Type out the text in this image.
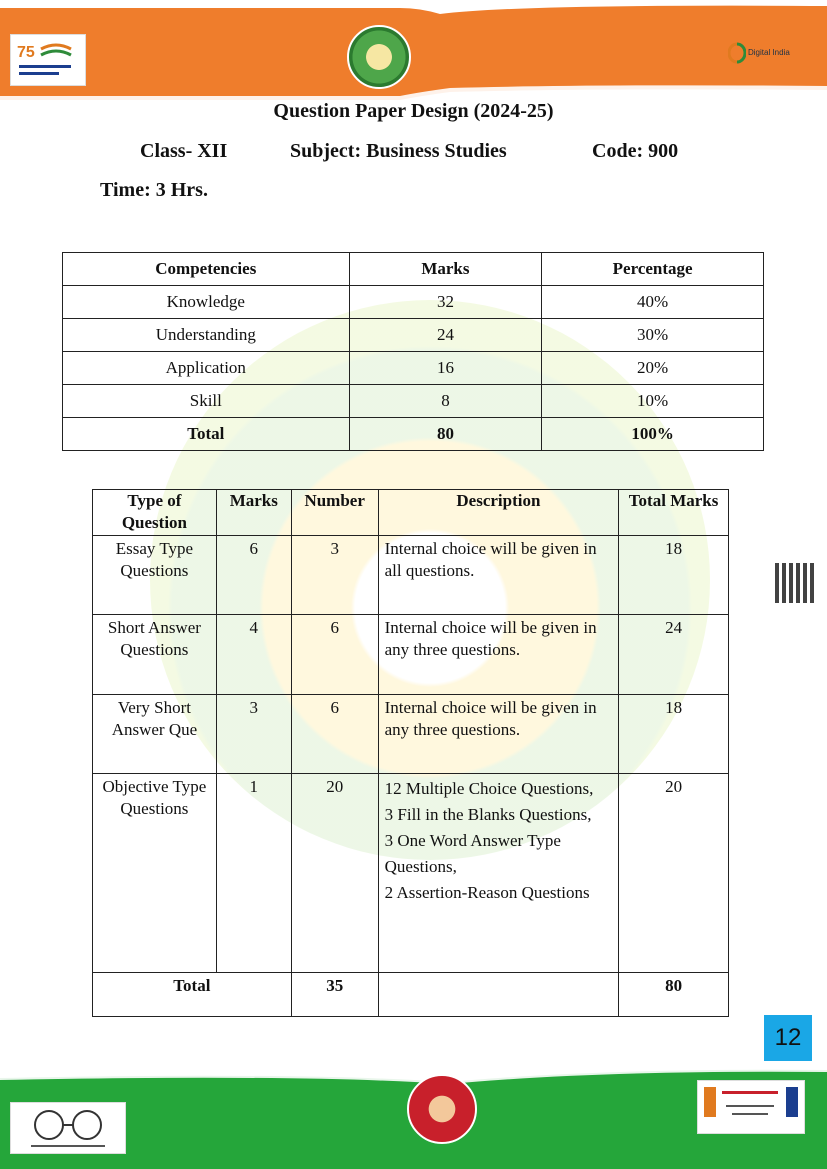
75	Digital India
Question Paper Design (2024-25)
Class- XII	Subject: Business Studies	Code: 900
Time: 3 Hrs.
Competencies	Marks	Percentage
Knowledge	32	40%
Understanding	24	30%
Application	16	20%
Skill	8	10%
Total	80	100%
Type of Question	Marks	Number	Description	Total Marks
Essay Type Questions	6	3	Internal choice will be given in all questions.	18
Short Answer Questions	4	6	Internal choice will be given in any three questions.	24
Very Short Answer Que	3	6	Internal choice will be given in any three questions.	18
Objective Type Questions	1	20	12 Multiple Choice Questions,
3 Fill in the Blanks Questions,
3 One Word Answer Type Questions,
2 Assertion-Reason Questions	20
Total		35		80
12
